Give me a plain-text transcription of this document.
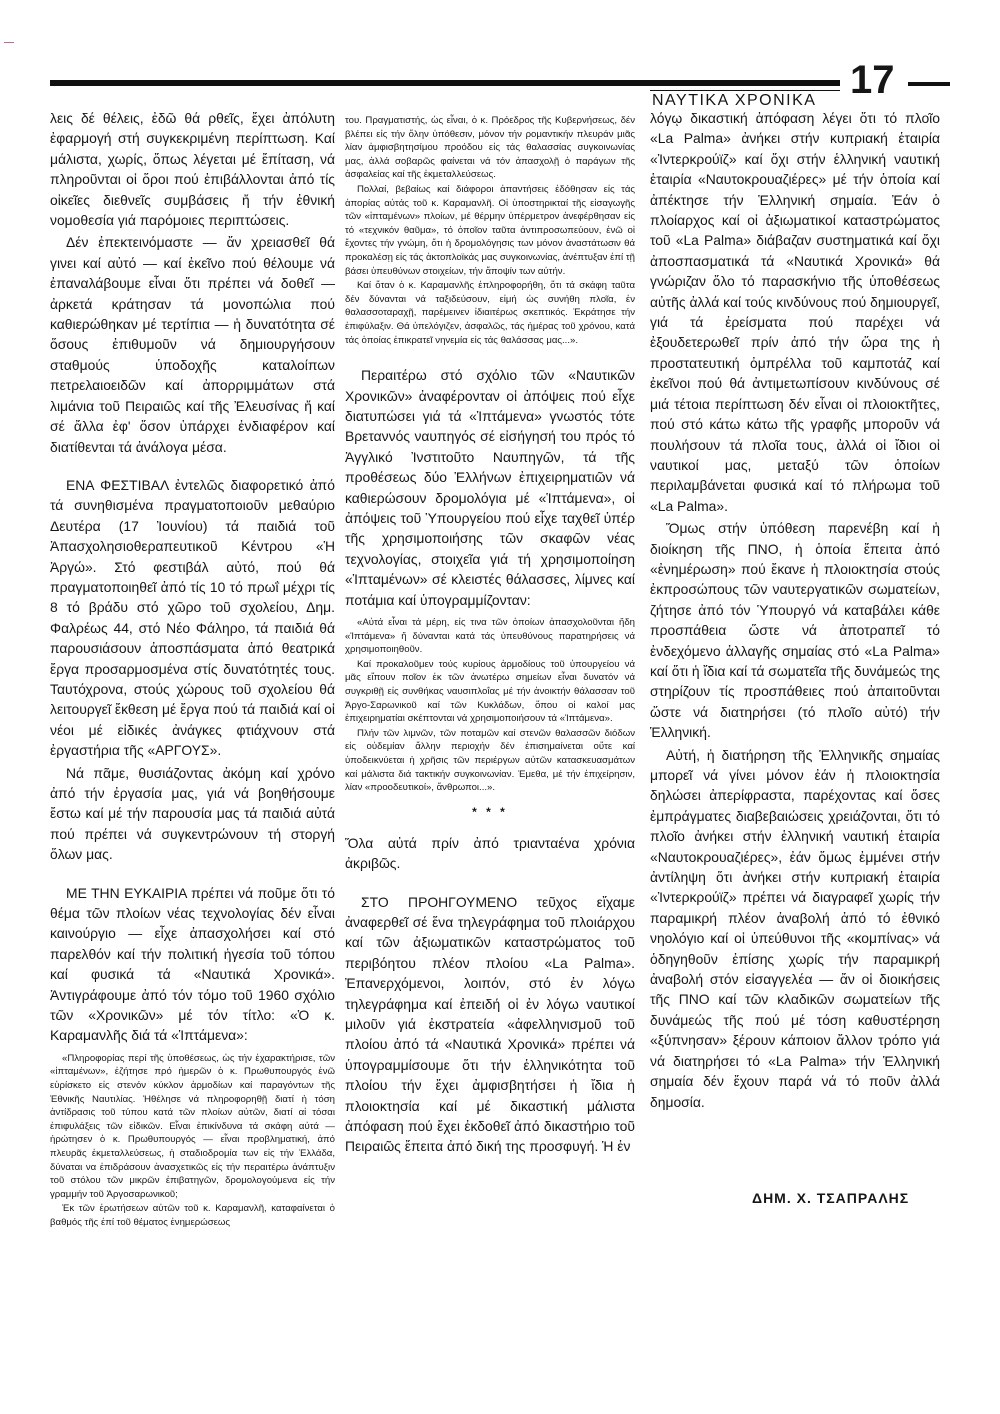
ΝΑΥΤΙΚΑ ΧΡΟΝΙΚΑ 17

λεις δέ θέλεις, ἐδῶ θά ρθεῖς, ἔχει ἀπόλυτη ἐφαρμογή στή συγκεκριμένη περίπτωση. Καί μάλιστα, χωρίς, ὅπως λέγεται μέ ἔπίταση, νά πληροῦνται οἱ ὅροι πού ἐπιβάλλονται ἀπό τίς οἰκεῖες διεθνεῖς συμβάσεις ἤ τήν ἐθνική νομοθεσία γιά παρόμοιες περιπτώσεις.

Δέν ἐπεκτεινόμαστε — ἄν χρειασθεῖ θά γινει καί αὐτό — καί ἐκεῖνο πού θέλουμε νά ἐπαναλάβουμε εἶναι ὅτι πρέπει νά δοθεῖ — ἀρκετά κράτησαν τά μονοπώλια πού καθιερώθηκαν μέ τερτίπια — ἡ δυνατότητα σέ ὅσους ἐπιθυμοῦν νά δημιουργήσουν σταθμούς ὑποδοχῆς καταλοίπων πετρελαιοειδῶν καί ἀπορριμμάτων στά λιμάνια τοῦ Πειραιῶς καί τῆς Ἐλευσίνας ἤ καί σέ ἄλλα ἐφ' ὅσον ὑπάρχει ἐνδιαφέρον καί διατίθενται τά ἀνάλογα μέσα.

ΕΝΑ ΦΕΣΤΙΒΑΛ ἐντελῶς διαφορετικό ἀπό τά συνηθισμένα πραγματοποιοῦν μεθαύριο Δευτέρα (17 Ἰουνίου) τά παιδιά τοῦ Ἀπασχολησιοθεραπευτικοῦ Κέντρου «Ἡ Ἀργώ». Στό φεστιβάλ αὐτό, πού θά πραγματοποιηθεῖ ἀπό τίς 10 τό πρωΐ μέχρι τίς 8 τό βράδυ στό χῶρο τοῦ σχολείου, Δημ. Φαλρέως 44, στό Νέο Φάληρο, τά παιδιά θά παρουσιάσουν ἀποσπάσματα ἀπό θεατρικά ἔργα προσαρμοσμένα στίς δυνατότητές τους. Ταυτόχρονα, στούς χώρους τοῦ σχολείου θά λειτουργεῖ ἔκθεση μέ ἔργα πού τά παιδιά καί οἱ νέοι μέ εἰδικές ἀνάγκες φτιάχνουν στά ἐργαστήρια τῆς «ΑΡΓΟΥΣ».

Νά πᾶμε, θυσιάζοντας ἀκόμη καί χρόνο ἀπό τήν ἐργασία μας, γιά νά βοηθήσουμε ἔστω καί μέ τήν παρουσία μας τά παιδιά αὐτά πού πρέπει νά συγκεντρώνουν τή στοργή ὅλων μας.

ΜΕ ΤΗΝ ΕΥΚΑΙΡΙΑ πρέπει νά ποῦμε ὅτι τό θέμα τῶν πλοίων νέας τεχνολογίας δέν εἶναι καινούργιο — εἶχε ἀπασχολήσει καί στό παρελθόν καί τήν πολιτική ἡγεσία τοῦ τόπου καί φυσικά τά «Ναυτικά Χρονικά». Ἀντιγράφουμε ἀπό τόν τόμο τοῦ 1960 σχόλιο τῶν «Χρονικῶν» μέ τόν τίτλο: «Ὁ κ. Καραμανλῆς διά τά «Ἱπτάμενα»:

«Πληροφορίας περί τῆς ὑποθέσεως, ὡς τήν ἐχαρακτήρισε, τῶν «ἱπταμένων», ἐζήτησε πρό ἡμερῶν ὁ κ. Πρωθυπουργός ἐνῶ εὑρίσκετο εἰς στενόν κύκλον ἁρμοδίων καί παραγόντων τῆς Ἐθνικῆς Ναυτιλίας. Ἠθέλησε νά πληροφορηθῇ διατί ἡ τόση ἀντίδρασις τοῦ τύπου κατά τῶν πλοίων αὐτῶν, διατί αἱ τόσαι ἐπιφυλάξεις τῶν εἰδικῶν. Εἶναι ἐπικίνδυνα τά σκάφη αὐτά — ἠρώτησεν ὁ κ. Πρωθυπουργός — εἶναι προβληματική, ἀπό πλευρᾶς ἐκμεταλλεύσεως, ἡ σταδιοδρομία των εἰς τήν Ἑλλάδα, δύναται να ἐπιδράσουν ἀνασχετικῶς εἰς τήν περαιτέρω ἀνάπτυξιν τοῦ στόλου τῶν μικρῶν ἐπιβατηγῶν, δρομολογούμενα εἰς τήν γραμμήν τοῦ Ἀργοσαρωνικοῦ;

Ἐκ τῶν ἐρωτήσεων αὐτῶν τοῦ κ. Καραμανλῆ, καταφαίνεται ὁ βαθμός τῆς ἐπί τοῦ θέματος ἐνημερώσεως

του. Πραγματιστής, ὡς εἶναι, ὁ κ. Πρόεδρος τῆς Κυβερνήσεως, δέν βλέπει εἰς τήν ὅλην ὑπόθεσιν, μόνον τήν ρομαντικήν πλευράν μιᾶς λίαν ἀμφισβητησίμου προόδου εἰς τάς θαλασσίας συγκοινωνίας μας, ἀλλά σοβαρῶς φαίνεται νά τόν ἀπασχολῇ ὁ παράγων τῆς ἀσφαλείας καί τῆς ἐκμεταλλεύσεως.

Πολλαί, βεβαίως καί διάφοροι ἀπαντήσεις ἐδόθησαν εἰς τάς ἀπορίας αὐτάς τοῦ κ. Καραμανλῆ. Οἱ ὑποστηρικταί τῆς εἰσαγωγῆς τῶν «ἱπταμένων» πλοίων, μέ θέρμην ὑπέρμετρον ἀνεφέρθησαν εἰς τό «τεχνικόν θαῦμα», τό ὁποῖον ταῦτα ἀντιπροσωπεύουν, ἐνῶ οἱ ἔχοντες τήν γνώμη, ὅτι ἡ δρομολόγησις των μόνον ἀναστάτωσιν θά προκαλέσῃ εἰς τάς ἀκτοπλοϊκάς μας συγκοινωνίας, ἀνέπτυξαν ἐπί τῇ βάσει ὑπευθύνων στοιχείων, τήν ἄποψίν των αὐτήν.

Καί ὅταν ὁ κ. Καραμανλῆς ἐπληροφορήθη, ὅτι τά σκάφη ταῦτα δέν δύνανται νά ταξιδεύσουν, εἰμή ὡς συνήθη πλοῖα, ἐν θαλασσοταραχῇ, παρέμεινεν ἰδιαιτέρως σκεπτικός. Ἐκράτησε τήν ἐπιφύλαξιν. Θά ὑπελόγιζεν, ἀσφαλῶς, τάς ἡμέρας τοῦ χρόνου, κατά τάς ὁποίας ἐπικρατεῖ νηνεμία εἰς τάς θαλάσσας μας...».

Περαιτέρω στό σχόλιο τῶν «Ναυτικῶν Χρονικῶν» ἀναφέρονταν οἱ ἀπόψεις πού εἶχε διατυπώσει γιά τά «Ἱπτάμενα» γνωστός τότε Βρεταννός ναυπηγός σέ εἰσήγησή του πρός τό Ἀγγλικό Ἰνστιτοῦτο Ναυπηγῶν, τά τῆς προθέσεως δύο Ἑλλήνων ἐπιχειρηματιῶν νά καθιερώσουν δρομολόγια μέ «Ἱπτάμενα», οἱ ἀπόψεις τοῦ Ὑπουργείου πού εἶχε ταχθεῖ ὑπέρ τῆς χρησιμοποιήσης τῶν σκαφῶν νέας τεχνολογίας, στοιχεῖα γιά τή χρησιμοποίηση «Ἱπταμένων» σέ κλειστές θάλασσες, λίμνες καί ποτάμια καί ὑπογραμμίζονταν:

«Αὐτά εἶναι τά μέρη, εἰς τινα τῶν ὁποίων ἀπασχολοῦνται ἤδη «Ἱπτάμενα» ἤ δύνανται κατά τάς ὑπευθύνους παρατηρήσεις νά χρησιμοποιηθοῦν.

Καί προκαλοῦμεν τούς κυρίους ἁρμοδίους τοῦ ὑπουργείου νά μᾶς εἴπουν ποῖον ἐκ τῶν ἀνωτέρω σημείων εἶναι δυνατόν νά συγκριθῇ εἰς συνθήκας ναυσιπλοΐας μέ τήν ἀνοικτήν θάλασσαν τοῦ Ἀργο-Σαρωνικοῦ καί τῶν Κυκλάδων, ὅπου οἱ καλοί μας ἐπιχειρηματίαι σκέπτονται νά χρησιμοποιήσουν τά «Ἱπτάμενα».

Πλήν τῶν λιμνῶν, τῶν ποταμῶν καί στενῶν θαλασσῶν διόδων εἰς οὐδεμίαν ἄλλην περιοχήν δέν ἐπισημαίνεται οὔτε καί ὑποδεικνύεται ἡ χρῆσις τῶν περιέργων αὐτῶν κατασκευασμάτων καί μάλιστα διά τακτικήν συγκοινωνίαν. Ἐμεθα, μέ τήν ἐπιχείρησιν, λίαν «προοδευτικοί», ἄνθρωποι...».

* * *

Ὅλα αὐτά πρίν ἀπό τριανταένα χρόνια ἀκριβῶς.

ΣΤΟ ΠΡΟΗΓΟΥΜΕΝΟ τεῦχος εἴχαμε ἀναφερθεῖ σέ ἕνα τηλεγράφημα τοῦ πλοιάρχου καί τῶν ἀξιωματικῶν καταστρώματος τοῦ περιβόητου πλέον πλοίου «La Palma». Ἐπανερχόμενοι, λοιπόν, στό ἐν λόγω τηλεγράφημα καί ἐπειδή οἱ ἐν λόγω ναυτικοί μιλοῦν γιά ἐκστρατεία «ἀφελληνισμοῦ τοῦ πλοίου ἀπό τά «Ναυτικά Χρονικά» πρέπει νά ὑπογραμμίσουμε ὅτι τήν ἑλληνικότητα τοῦ πλοίου τήν ἔχει ἀμφισβητήσει ἡ ἴδια ἡ πλοιοκτησία καί μέ δικαστική μάλιστα ἀπόφαση πού ἔχει ἐκδοθεῖ ἀπό δικαστήριο τοῦ Πειραιῶς ἔπειτα ἀπό δική της προσφυγή. Ἡ ἐν

λόγῳ δικαστική ἀπόφαση λέγει ὅτι τό πλοῖο «La Palma» ἀνήκει στήν κυπριακή ἑταιρία «Ἰντερκρούϊζ» καί ὄχι στήν ἑλληνική ναυτική ἑταιρία «Ναυτοκρουαζιέρες» μέ τήν ὁποία καί ἀπέκτησε τήν Ἑλληνική σημαία. Ἐάν ὁ πλοίαρχος καί οἱ ἀξιωματικοί καταστρώματος τοῦ «La Palma» διάβαζαν συστηματικά καί ὄχι ἀποσπασματικά τά «Ναυτικά Χρονικά» θά γνώριζαν ὅλο τό παρασκήνιο τῆς ὑποθέσεως αὐτῆς ἀλλά καί τούς κινδύνους πού δημιουργεῖ, γιά τά ἐρείσματα πού παρέχει νά ἐξουδετερωθεῖ πρίν ἀπό τήν ὥρα της ἡ προστατευτική ὀμπρέλλα τοῦ καμποτάζ καί ἐκεῖνοι πού θά ἀντιμετωπίσουν κινδύνους σέ μιά τέτοια περίπτωση δέν εἶναι οἱ πλοιοκτῆτες, πού στό κάτω κάτω τῆς γραφῆς μποροῦν νά πουλήσουν τά πλοῖα τους, ἀλλά οἱ ἴδιοι οἱ ναυτικοί μας, μεταξύ τῶν ὁποίων περιλαμβάνεται φυσικά καί τό πλήρωμα τοῦ «La Palma».

Ὅμως στήν ὑπόθεση παρενέβη καί ἡ διοίκηση τῆς ΠΝΟ, ἡ ὁποία ἔπειτα ἀπό «ἐνημέρωση» πού ἔκανε ἡ πλοιοκτησία στούς ἐκπροσώπους τῶν ναυτεργατικῶν σωματείων, ζήτησε ἀπό τόν Ὑπουργό νά καταβάλει κάθε προσπάθεια ὥστε νά ἀποτραπεῖ τό ἐνδεχόμενο ἀλλαγῆς σημαίας στό «La Palma» καί ὅτι ἡ ἴδια καί τά σωματεῖα τῆς δυνάμεώς της στηρίζουν τίς προσπάθειες πού ἀπαιτοῦνται ὥστε νά διατηρήσει (τό πλοῖο αὐτό) τήν Ἑλληνική.

Αὐτή, ἡ διατήρηση τῆς Ἑλληνικῆς σημαίας μπορεῖ νά γίνει μόνον ἐάν ἡ πλοιοκτησία δηλώσει ἀπερίφραστα, παρέχοντας καί ὅσες ἐμπράγματες διαβεβαιώσεις χρειάζονται, ὅτι τό πλοῖο ἀνήκει στήν ἑλληνική ναυτική ἑταιρία «Ναυτοκρουαζιέρες», ἐάν ὅμως ἐμμένει στήν ἀντίληψη ὅτι ἀνήκει στήν κυπριακή ἑταιρία «Ἰντερκρούϊζ» πρέπει νά διαγραφεῖ χωρίς τήν παραμικρή πλέον ἀναβολή ἀπό τό ἐθνικό νηολόγιο καί οἱ ὑπεύθυνοι τῆς «κομπίνας» νά ὁδηγηθοῦν ἐπίσης χωρίς τήν παραμικρή ἀναβολή στόν εἰσαγγελέα — ἄν οἱ διοικήσεις τῆς ΠΝΟ καί τῶν κλαδικῶν σωματείων τῆς δυνάμεώς τῆς πού μέ τόση καθυστέρηση «ξύπνησαν» ξέρουν κάποιον ἄλλον τρόπο γιά νά διατηρήσει τό «La Palma» τήν Ἑλληνική σημαία δέν ἔχουν παρά νά τό ποῦν ἀλλά δημοσία.

ΔΗΜ. Χ. ΤΣΑΠΡΑΛΗΣ
